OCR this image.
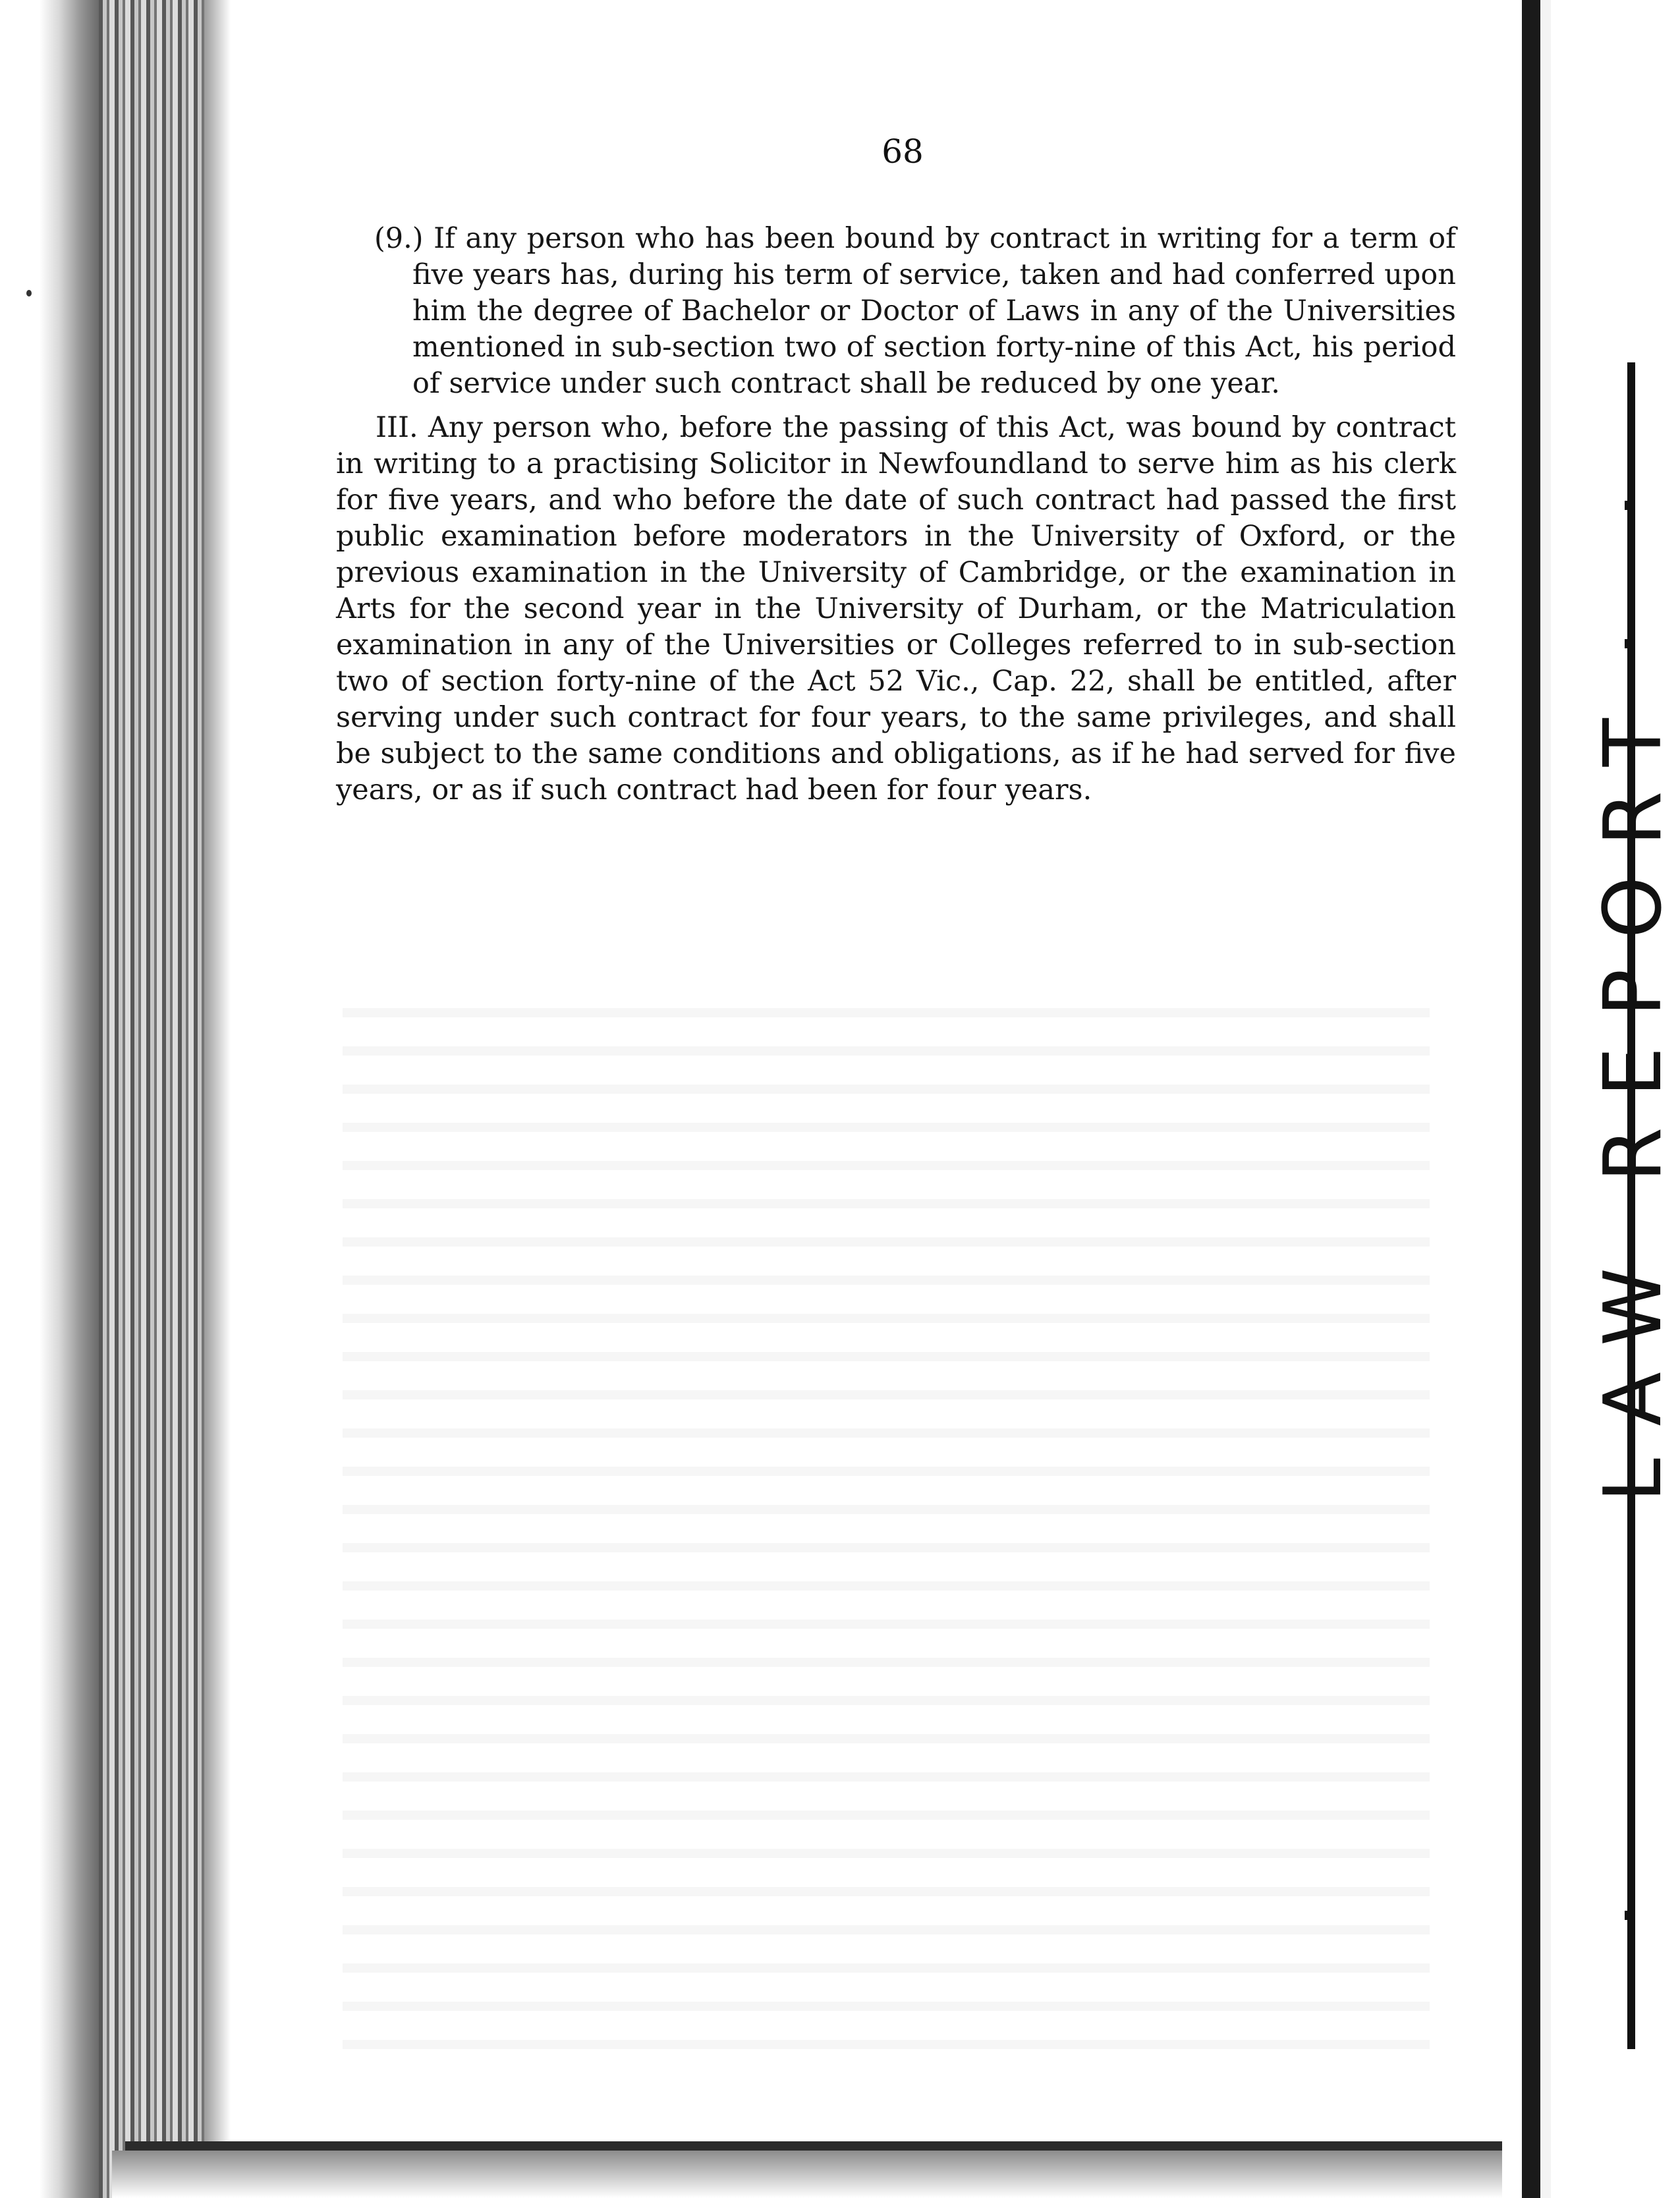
68

(9.) If any person who has been bound by contract in writing for a term of five years has, during his term of service, taken and had conferred upon him the degree of Bachelor or Doctor of Laws in any of the Universities mentioned in sub-section two of section forty-nine of this Act, his period of service under such contract shall be reduced by one year.

III. Any person who, before the passing of this Act, was bound by contract in writing to a practising Solicitor in Newfoundland to serve him as his clerk for five years, and who before the date of such contract had passed the first public examination before moderators in the University of Oxford, or the previous examination in the University of Cambridge, or the examination in Arts for the second year in the University of Durham, or the Matriculation examination in any of the Universities or Colleges referred to in sub-section two of section forty-nine of the Act 52 Vic., Cap. 22, shall be entitled, after serving under such contract for four years, to the same privileges, and shall be subject to the same conditions and obligations, as if he had served for five years, or as if such contract had been for four years.	LAW REPORT
